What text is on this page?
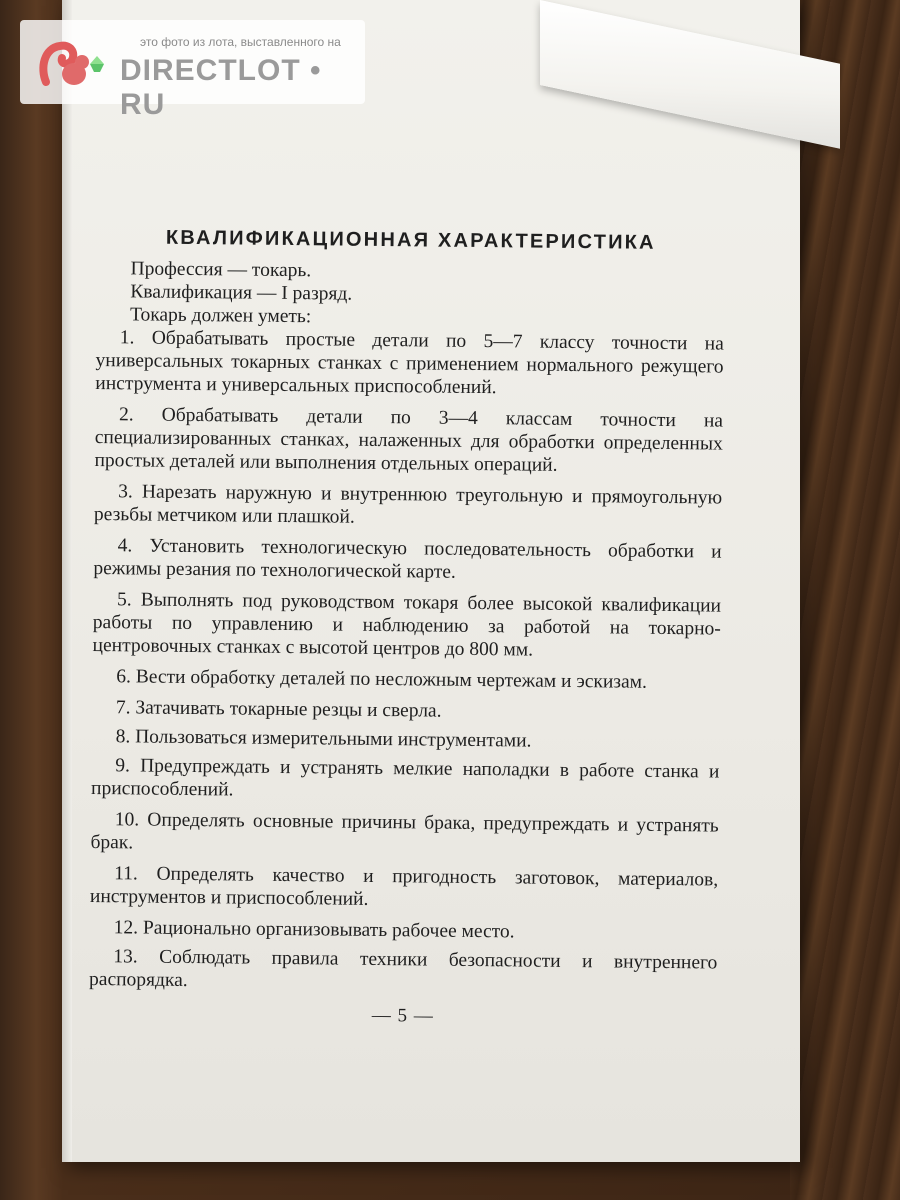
это фото из лота, выставленного на
DIRECTLOT • RU
КВАЛИФИКАЦИОННАЯ ХАРАКТЕРИСТИКА

Профессия — токарь.

Квалификация — I разряд.

Токарь должен уметь:

1. Обрабатывать простые детали по 5—7 классу точности на универсальных токарных станках с применением нормального режущего инструмента и универсальных приспособлений.

2. Обрабатывать детали по 3—4 классам точности на специализированных станках, налаженных для обработки определенных простых деталей или выполнения отдельных операций.

3. Нарезать наружную и внутреннюю треугольную и прямоугольную резьбы метчиком или плашкой.

4. Установить технологическую последовательность обработки и режимы резания по технологической карте.

5. Выполнять под руководством токаря более высокой квалификации работы по управлению и наблюдению за работой на токарно-центровочных станках с высотой центров до 800 мм.

6. Вести обработку деталей по несложным чертежам и эскизам.

7. Затачивать токарные резцы и сверла.

8. Пользоваться измерительными инструментами.

9. Предупреждать и устранять мелкие наполадки в работе станка и приспособлений.

10. Определять основные причины брака, предупреждать и устранять брак.

11. Определять качество и пригодность заготовок, материалов, инструментов и приспособлений.

12. Рационально организовывать рабочее место.

13. Соблюдать правила техники безопасности и внутреннего распорядка.

— 5 —
